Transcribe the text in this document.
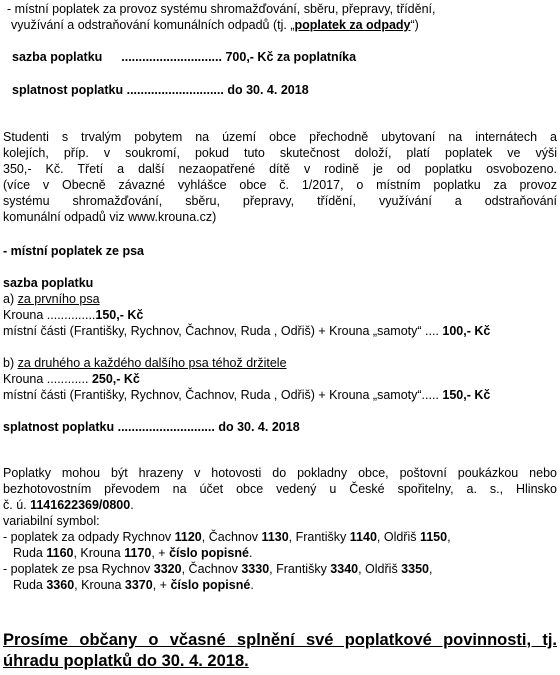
- místní poplatek za provoz systému shromažďování, sběru, přepravy, třídění,
využívání a odstraňování komunálních odpadů (tj. „poplatek za odpady“)
sazba poplatku ............................. 700,- Kč za poplatníka
splatnost poplatku ............................ do 30. 4. 2018
Studenti s trvalým pobytem na území obce přechodně ubytovaní na internátech a
kolejích, příp. v soukromí, pokud tuto skutečnost doloží, platí poplatek ve výši
350,- Kč. Třetí a další nezaopatřené dítě v rodině je od poplatku osvobozeno.
(více v Obecně závazné vyhlášce obce č. 1/2017, o místním poplatku za provoz
systému shromažďování, sběru, přepravy, třídění, využívání a odstraňování
komunální odpadů viz www.krouna.cz)
- místní poplatek ze psa
sazba poplatku
a) za prvního psa
Krouna ..............150,- Kč
místní části (Františky, Rychnov, Čachnov, Ruda , Odřiš) + Krouna „samoty“ .... 100,- Kč
b) za druhého a každého dalšího psa téhož držitele
Krouna ............ 250,- Kč
místní části (Františky, Rychnov, Čachnov, Ruda , Odřiš) + Krouna „samoty“..... 150,- Kč
splatnost poplatku ............................ do 30. 4. 2018
Poplatky mohou být hrazeny v hotovosti do pokladny obce, poštovní poukázkou nebo
bezhotovostním převodem na účet obce vedený u České spořitelny, a. s., Hlinsko
č. ú. 1141622369/0800.
variabilní symbol:
- poplatek za odpady Rychnov 1120, Čachnov 1130, Františky 1140, Oldřiš 1150,
Ruda 1160, Krouna 1170, + číslo popisné.
- poplatek ze psa Rychnov 3320, Čachnov 3330, Františky 3340, Oldřiš 3350,
Ruda 3360, Krouna 3370, + číslo popisné.
Prosíme občany o včasné splnění své poplatkové povinnosti, tj.
úhradu poplatků do 30. 4. 2018.
